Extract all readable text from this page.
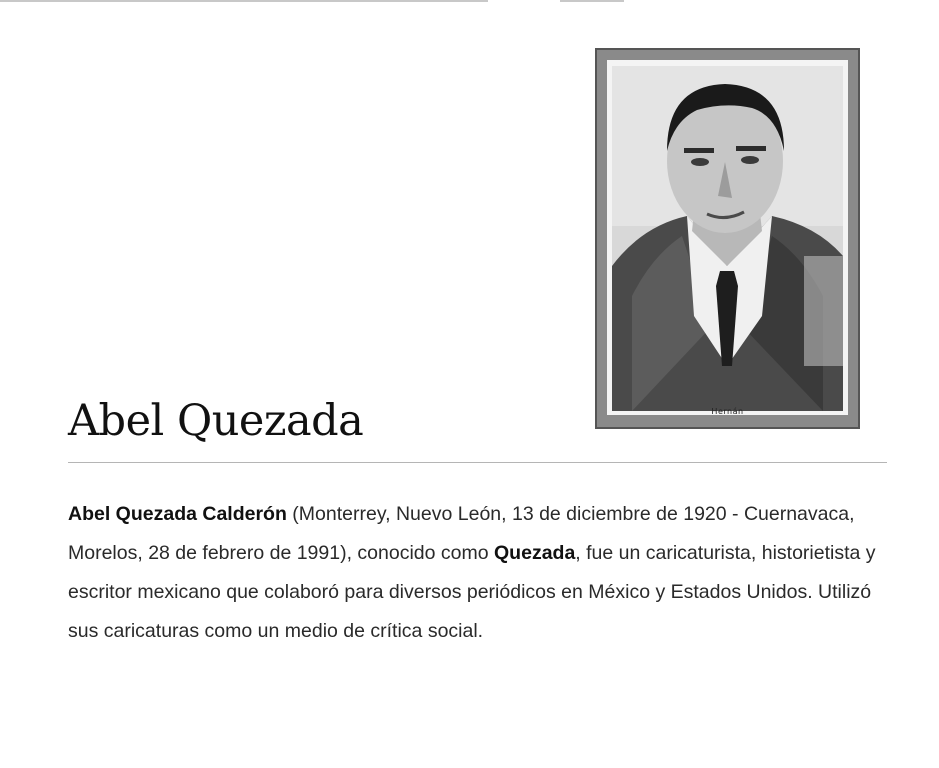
Hernán
Abel Quezada

Abel Quezada Calderón (Monterrey, Nuevo León, 13 de diciembre de 1920 - Cuernavaca, Morelos, 28 de febrero de 1991), conocido como Quezada, fue un caricaturista, historietista y escritor mexicano que colaboró para diversos periódicos en México y Estados Unidos. Utilizó sus caricaturas como un medio de crítica social.
